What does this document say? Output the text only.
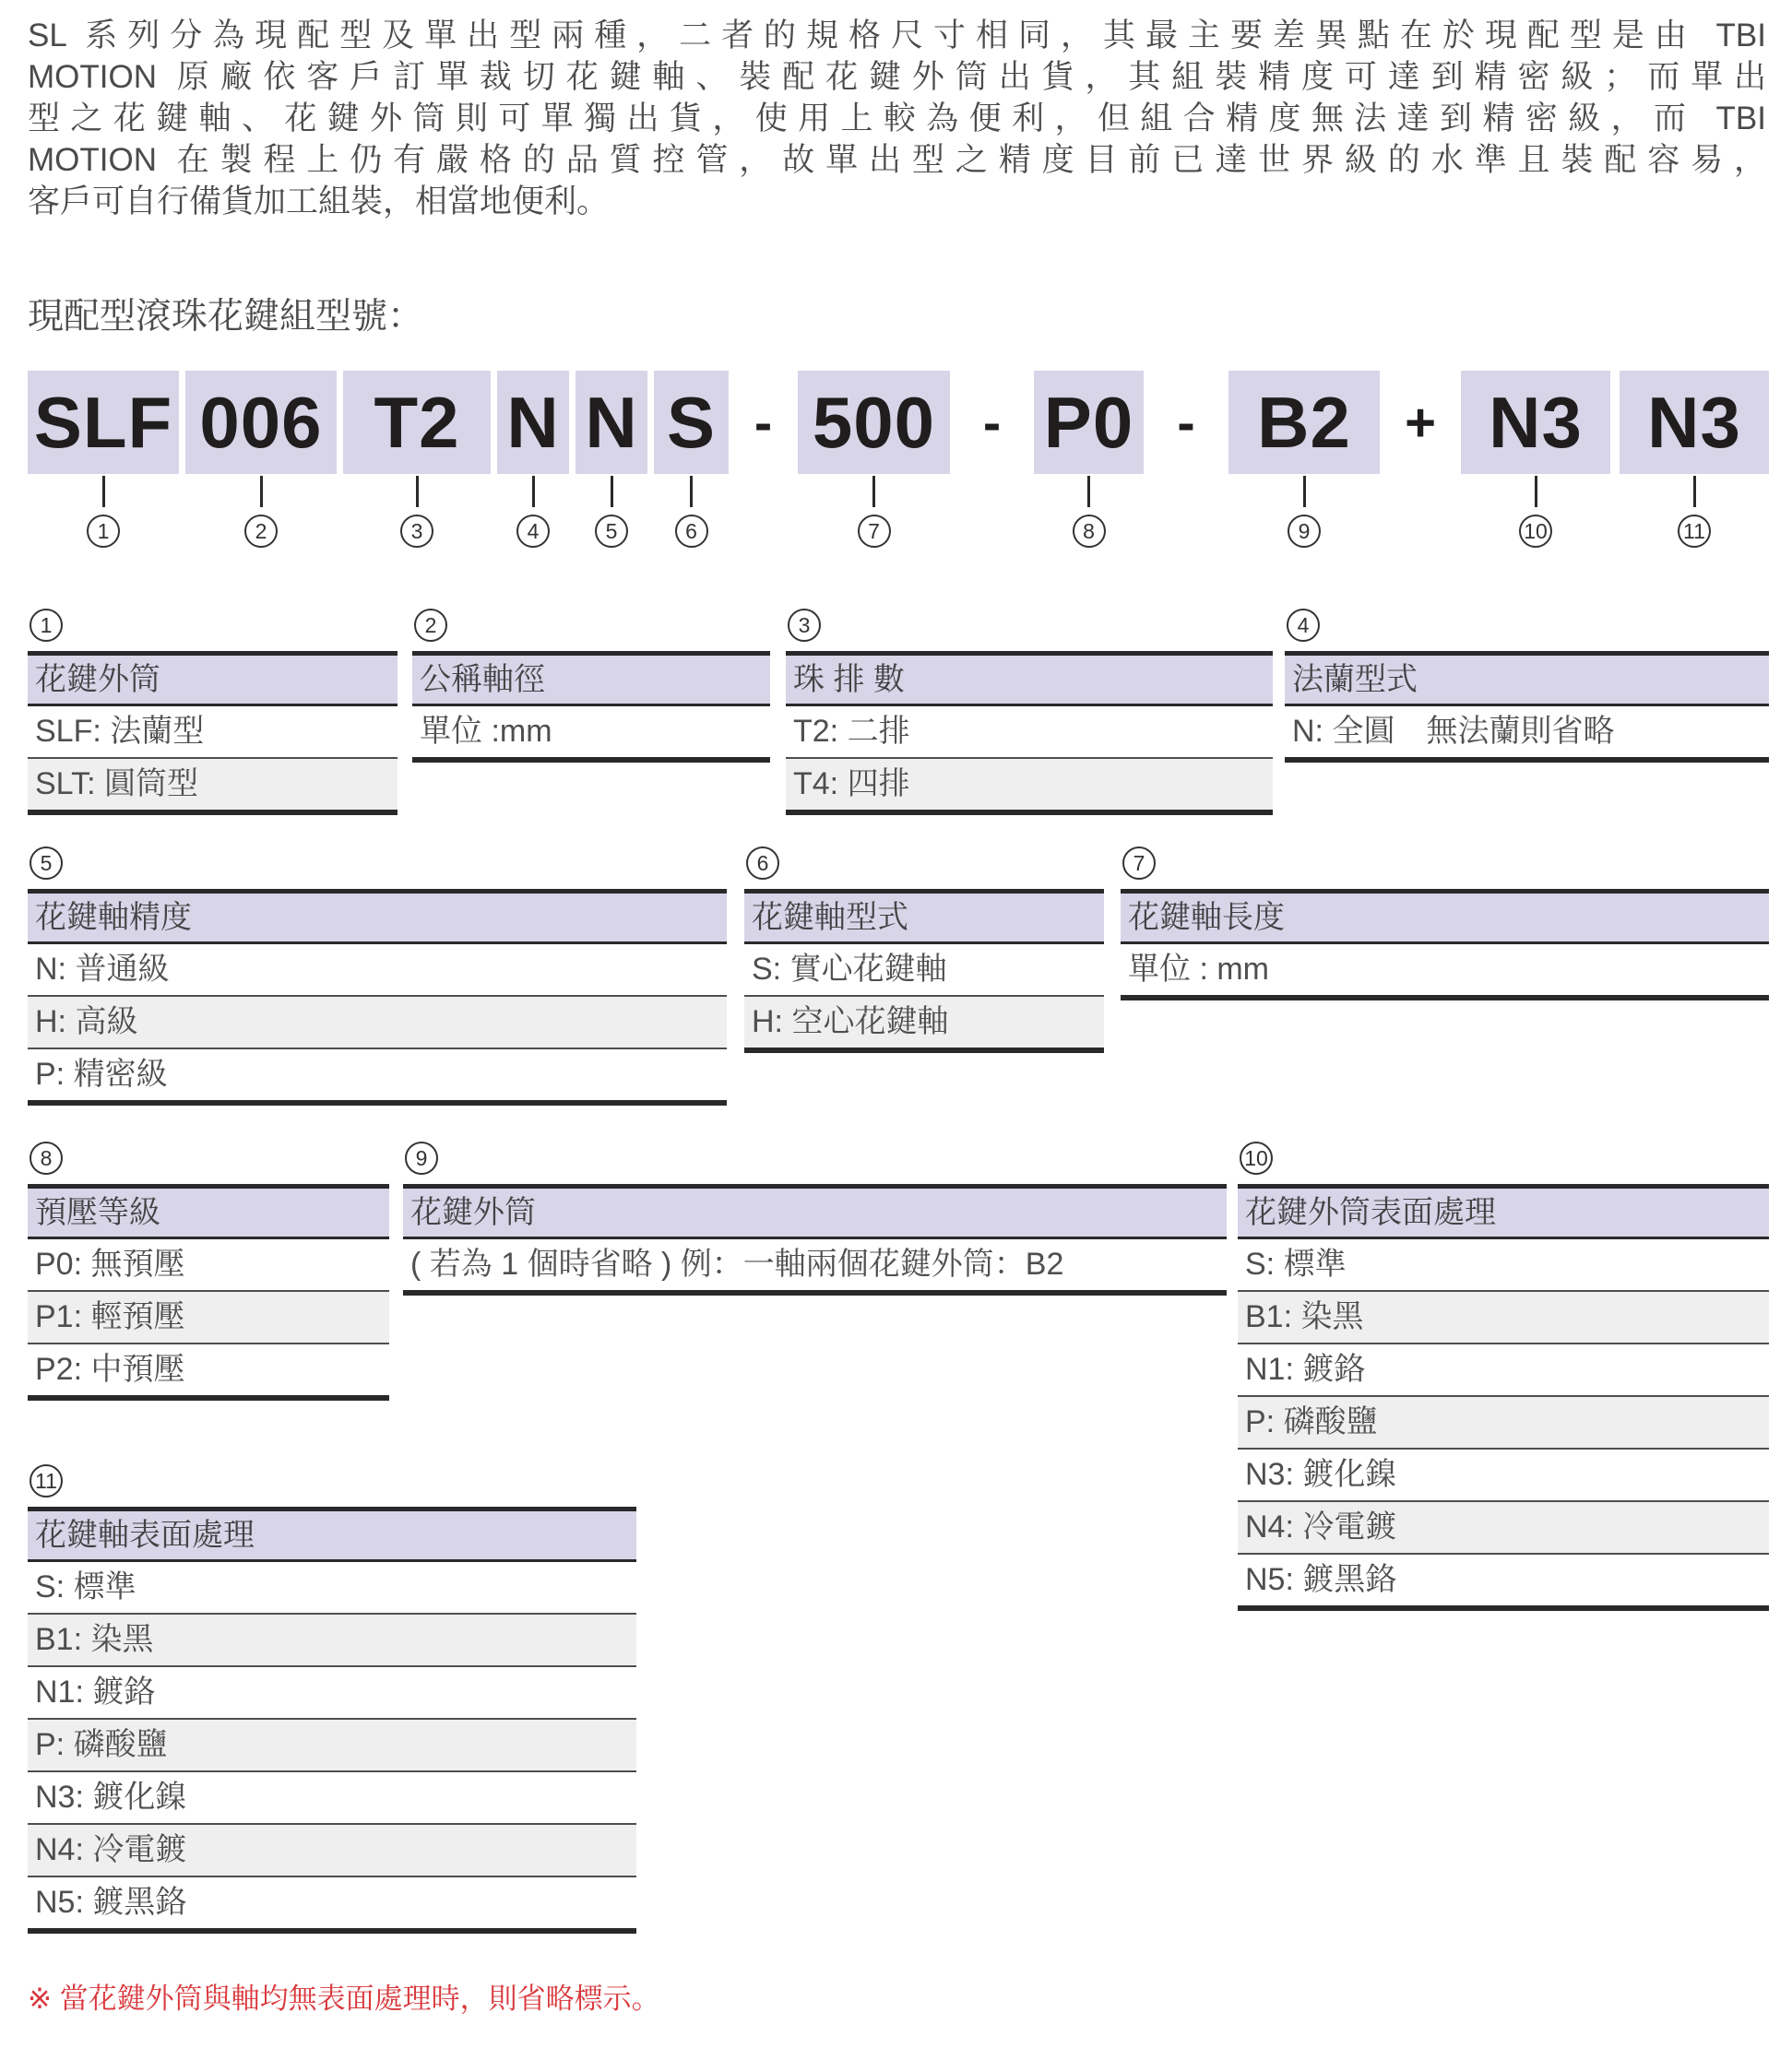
SL 系列分為現配型及單出型兩種，二者的規格尺寸相同，其最主要差異點在於現配型是由 TBI
MOTION 原廠依客戶訂單裁切花鍵軸、裝配花鍵外筒出貨，其組裝精度可達到精密級；而單出
型之花鍵軸、花鍵外筒則可單獨出貨，使用上較為便利，但組合精度無法達到精密級，而 TBI
MOTION 在製程上仍有嚴格的品質控管，故單出型之精度目前已達世界級的水準且裝配容易，
客戶可自行備貨加工組裝，相當地便利。
現配型滾珠花鍵組型號：
SLF
1
006
2
T2
3
N
4
N
5
S
6
- 500
7
- P0
8
- B2
9
+ N3
10
N3
11
1
花鍵外筒
SLF: 法蘭型
SLT: 圓筒型
2
公稱軸徑
單位 :mm
3
珠 排 數
T2: 二排
T4: 四排
4
法蘭型式
N: 全圓　無法蘭則省略
5
花鍵軸精度
N: 普通級
H: 高級
P: 精密級
6
花鍵軸型式
S: 實心花鍵軸
H: 空心花鍵軸
7
花鍵軸長度
單位 : mm
8
預壓等級
P0: 無預壓
P1: 輕預壓
P2: 中預壓
9
花鍵外筒
( 若為 1 個時省略 ) 例：一軸兩個花鍵外筒：B2
10
花鍵外筒表面處理
S: 標準
B1: 染黑
N1: 鍍鉻
P: 磷酸鹽
N3: 鍍化鎳
N4: 冷電鍍
N5: 鍍黑鉻
11
花鍵軸表面處理
S: 標準
B1: 染黑
N1: 鍍鉻
P: 磷酸鹽
N3: 鍍化鎳
N4: 冷電鍍
N5: 鍍黑鉻
※ 當花鍵外筒與軸均無表面處理時，則省略標示。
